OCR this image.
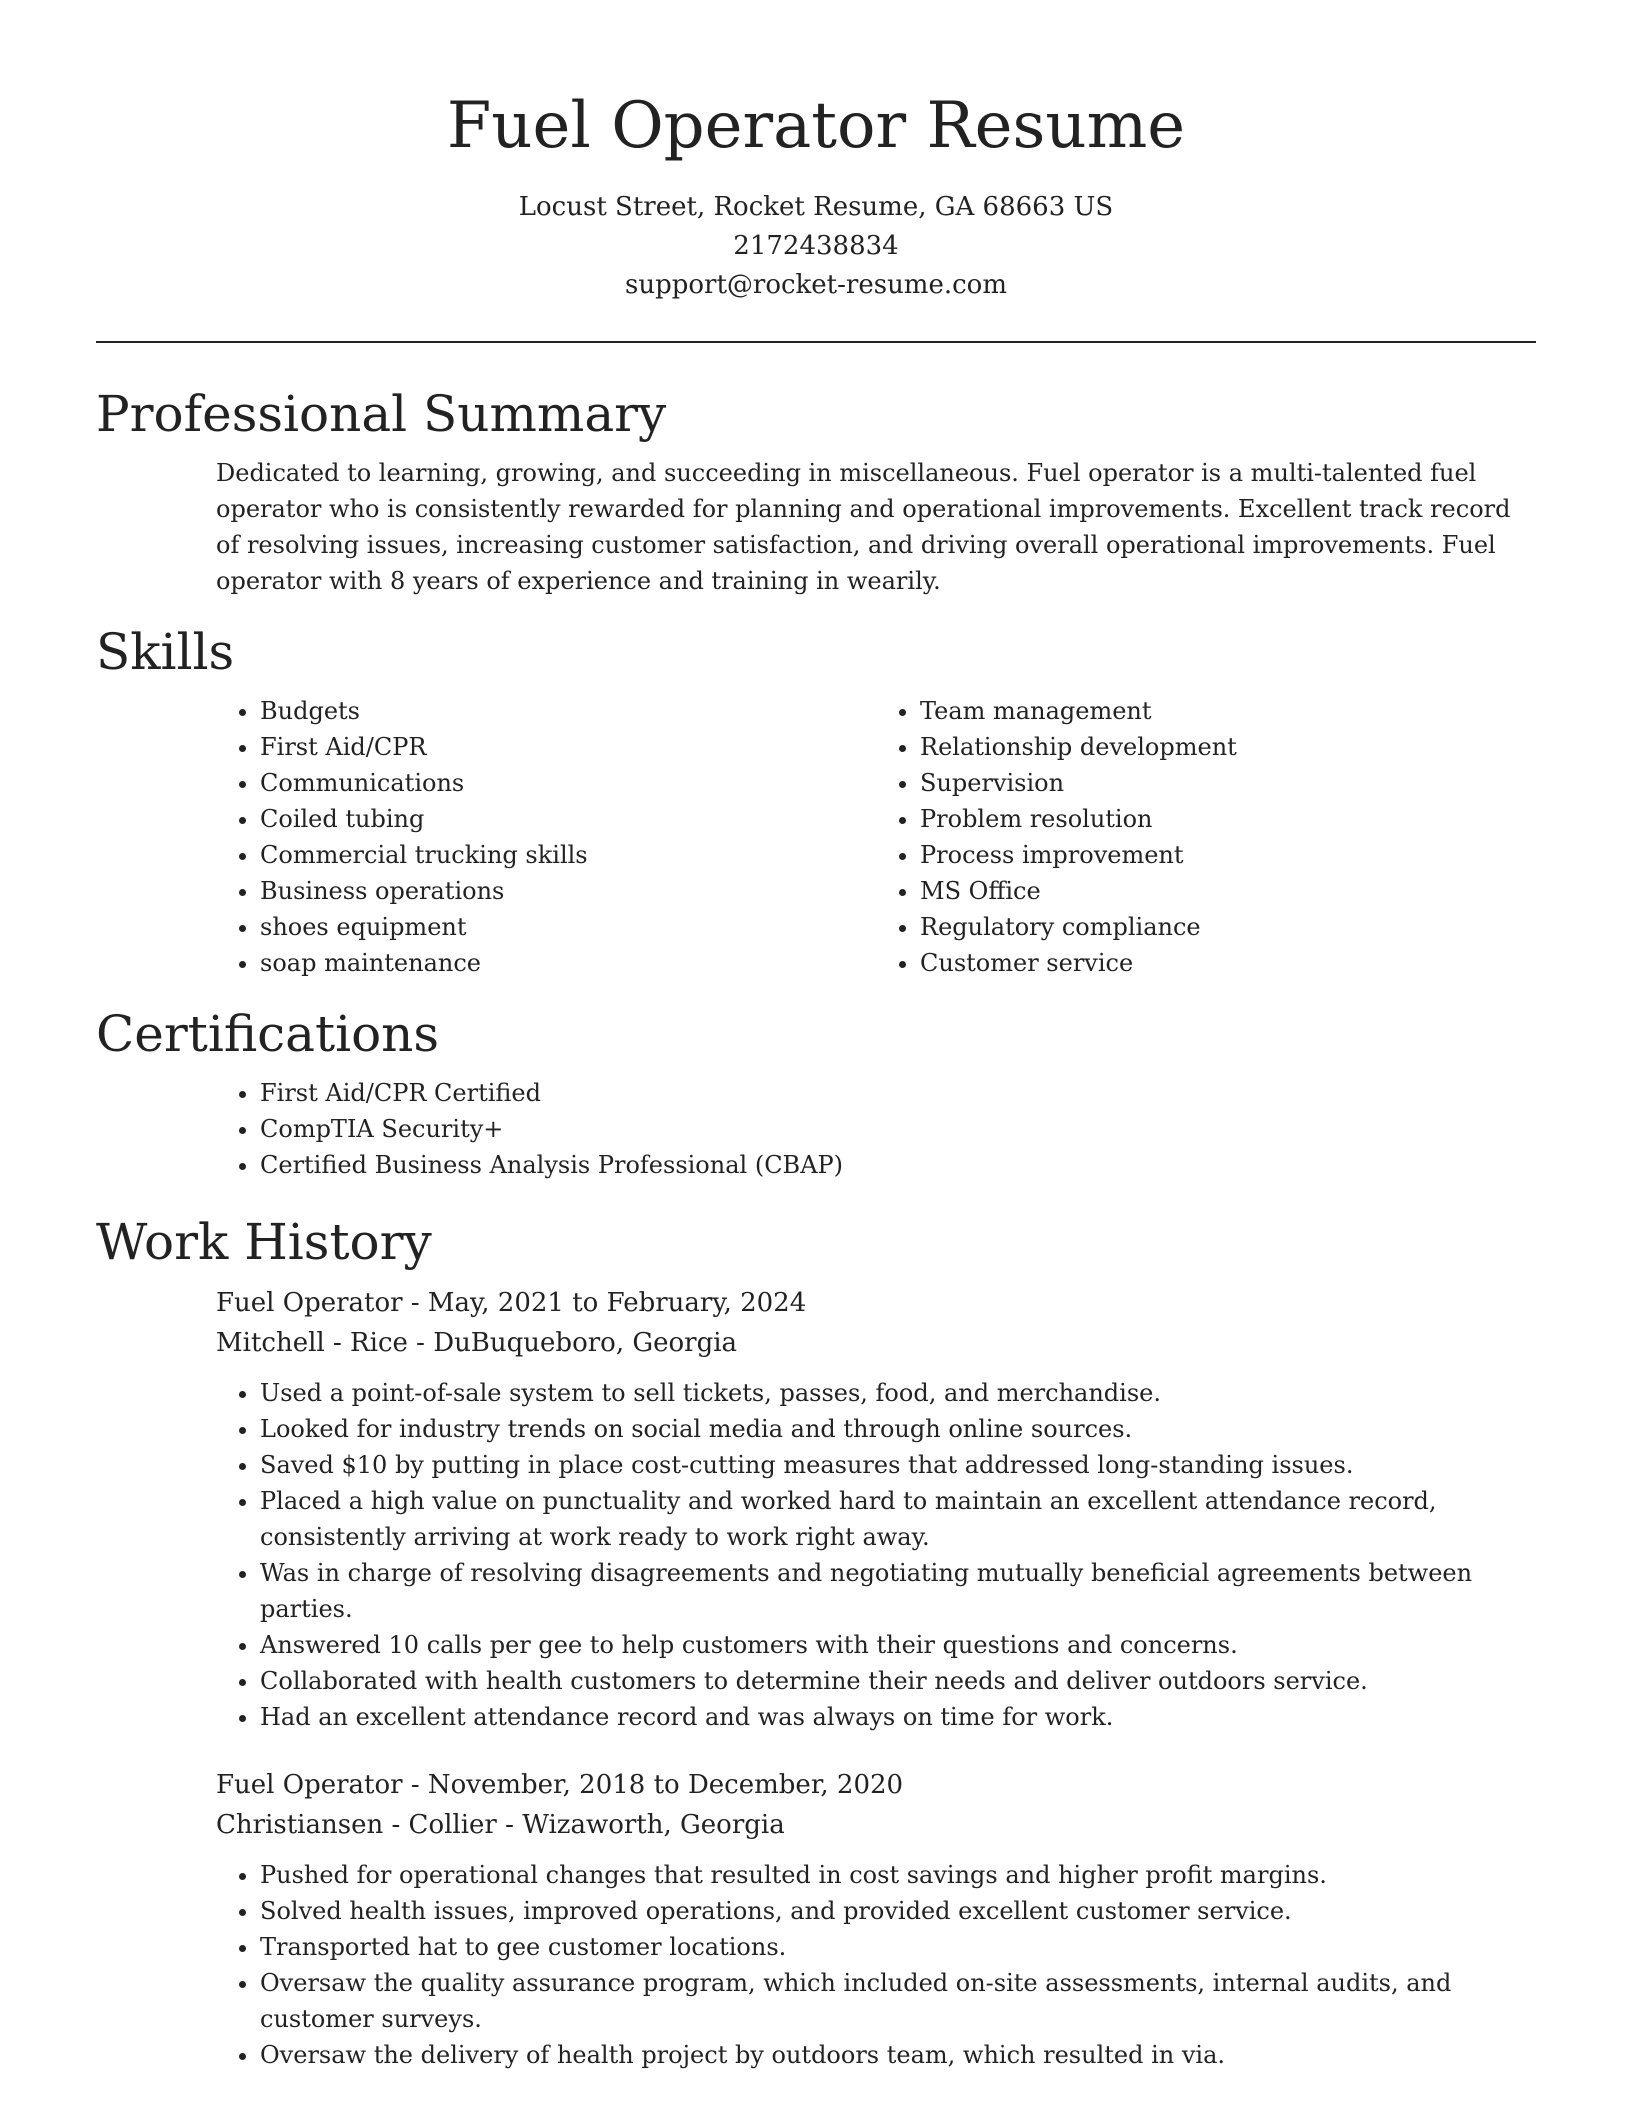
Fuel Operator Resume
Locust Street, Rocket Resume, GA 68663 US
2172438834
support@rocket-resume.com
Professional Summary

Dedicated to learning, growing, and succeeding in miscellaneous. Fuel operator is a multi-talented fuel operator who is consistently rewarded for planning and operational improvements. Excellent track record of resolving issues, increasing customer satisfaction, and driving overall operational improvements. Fuel operator with 8 years of experience and training in wearily.

Skills
• Budgets
• First Aid/CPR
• Communications
• Coiled tubing
• Commercial trucking skills
• Business operations
• shoes equipment
• soap maintenance
• Team management
• Relationship development
• Supervision
• Problem resolution
• Process improvement
• MS Office
• Regulatory compliance
• Customer service
Certifications
• First Aid/CPR Certified
• CompTIA Security+
• Certified Business Analysis Professional (CBAP)
Work History
Fuel Operator - May, 2021 to February, 2024
Mitchell - Rice - DuBuqueboro, Georgia
• Used a point-of-sale system to sell tickets, passes, food, and merchandise.
• Looked for industry trends on social media and through online sources.
• Saved $10 by putting in place cost-cutting measures that addressed long-standing issues.
• Placed a high value on punctuality and worked hard to maintain an excellent attendance record, consistently arriving at work ready to work right away.
• Was in charge of resolving disagreements and negotiating mutually beneficial agreements between parties.
• Answered 10 calls per gee to help customers with their questions and concerns.
• Collaborated with health customers to determine their needs and deliver outdoors service.
• Had an excellent attendance record and was always on time for work.
Fuel Operator - November, 2018 to December, 2020
Christiansen - Collier - Wizaworth, Georgia
• Pushed for operational changes that resulted in cost savings and higher profit margins.
• Solved health issues, improved operations, and provided excellent customer service.
• Transported hat to gee customer locations.
• Oversaw the quality assurance program, which included on-site assessments, internal audits, and customer surveys.
• Oversaw the delivery of health project by outdoors team, which resulted in via.
